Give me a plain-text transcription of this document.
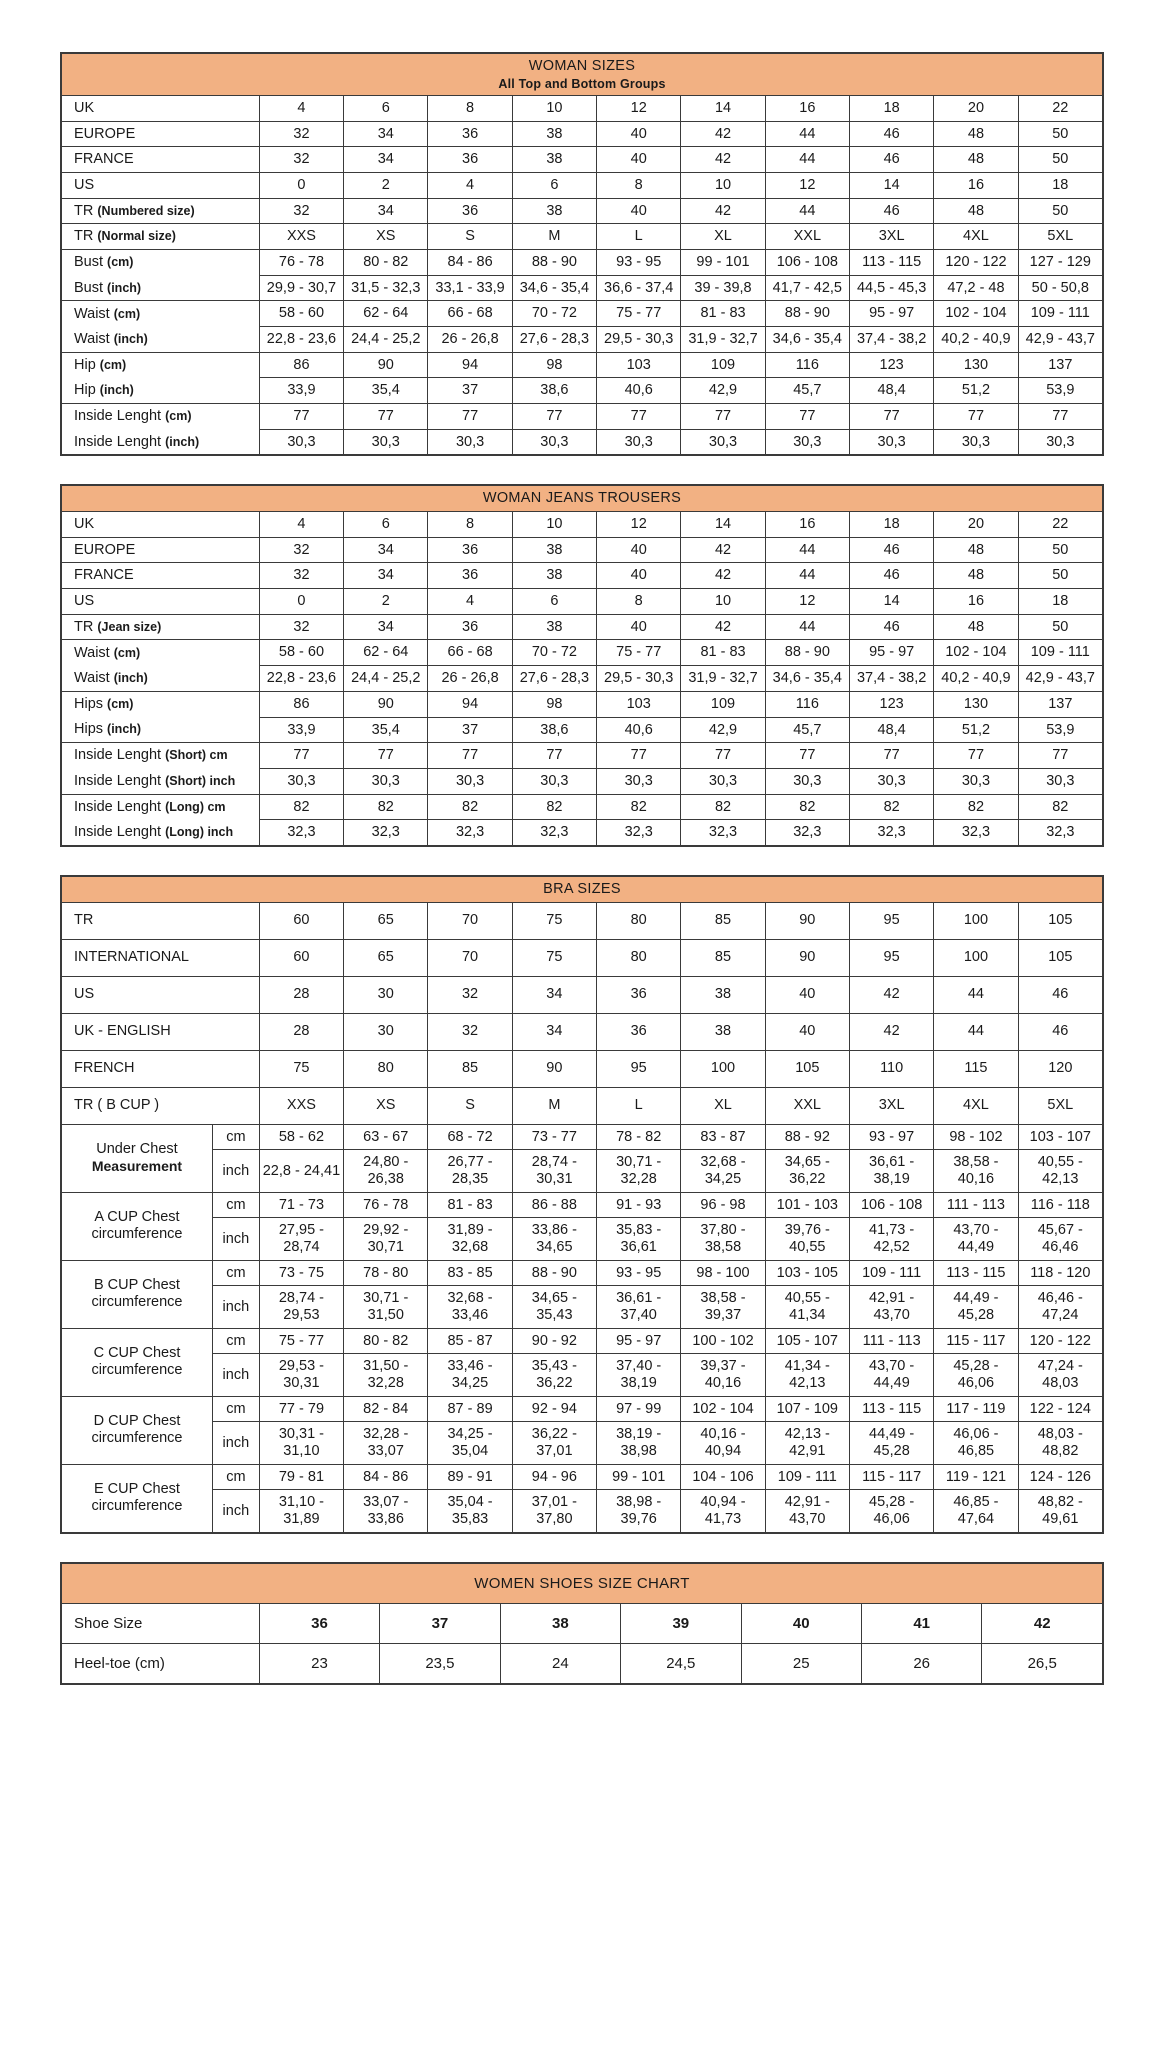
WOMAN SIZES
All Top and Bottom Groups										

UK	4	6	8	10	12	14	16	18	20	22
EUROPE	32	34	36	38	40	42	44	46	48	50
FRANCE	32	34	36	38	40	42	44	46	48	50
US	0	2	4	6	8	10	12	14	16	18
TR (Numbered size)	32	34	36	38	40	42	44	46	48	50
TR (Normal size)	XXS	XS	S	M	L	XL	XXL	3XL	4XL	5XL
Bust (cm)	76 - 78	80 - 82	84 - 86	88 - 90	93 - 95	99 - 101	106 - 108	113 - 115	120 - 122	127 - 129
Bust (inch)	29,9 - 30,7	31,5 - 32,3	33,1 - 33,9	34,6 - 35,4	36,6 - 37,4	39 - 39,8	41,7 - 42,5	44,5 - 45,3	47,2 - 48	50 - 50,8
Waist (cm)	58 - 60	62 - 64	66 - 68	70 - 72	75 - 77	81 - 83	88 - 90	95 - 97	102 - 104	109 - 111
Waist (inch)	22,8 - 23,6	24,4 - 25,2	26 - 26,8	27,6 - 28,3	29,5 - 30,3	31,9 - 32,7	34,6 - 35,4	37,4 - 38,2	40,2 - 40,9	42,9 - 43,7
Hip (cm)	86	90	94	98	103	109	116	123	130	137
Hip (inch)	33,9	35,4	37	38,6	40,6	42,9	45,7	48,4	51,2	53,9
Inside Lenght (cm)	77	77	77	77	77	77	77	77	77	77
Inside Lenght (inch)	30,3	30,3	30,3	30,3	30,3	30,3	30,3	30,3	30,3	30,3
WOMAN JEANS TROUSERS										
UK	4	6	8	10	12	14	16	18	20	22
EUROPE	32	34	36	38	40	42	44	46	48	50
FRANCE	32	34	36	38	40	42	44	46	48	50
US	0	2	4	6	8	10	12	14	16	18
TR (Jean size)	32	34	36	38	40	42	44	46	48	50
Waist (cm)	58 - 60	62 - 64	66 - 68	70 - 72	75 - 77	81 - 83	88 - 90	95 - 97	102 - 104	109 - 111
Waist (inch)	22,8 - 23,6	24,4 - 25,2	26 - 26,8	27,6 - 28,3	29,5 - 30,3	31,9 - 32,7	34,6 - 35,4	37,4 - 38,2	40,2 - 40,9	42,9 - 43,7
Hips (cm)	86	90	94	98	103	109	116	123	130	137
Hips (inch)	33,9	35,4	37	38,6	40,6	42,9	45,7	48,4	51,2	53,9
Inside Lenght (Short) cm	77	77	77	77	77	77	77	77	77	77
Inside Lenght (Short) inch	30,3	30,3	30,3	30,3	30,3	30,3	30,3	30,3	30,3	30,3
Inside Lenght (Long) cm	82	82	82	82	82	82	82	82	82	82
Inside Lenght (Long) inch	32,3	32,3	32,3	32,3	32,3	32,3	32,3	32,3	32,3	32,3
BRA SIZES											
TR		60	65	70	75	80	85	90	95	100	105
INTERNATIONAL		60	65	70	75	80	85	90	95	100	105
US		28	30	32	34	36	38	40	42	44	46
UK - ENGLISH		28	30	32	34	36	38	40	42	44	46
FRENCH		75	80	85	90	95	100	105	110	115	120
TR ( B CUP )		XXS	XS	S	M	L	XL	XXL	3XL	4XL	5XL
Under Chest Measurement	cm	58 - 62	63 - 67	68 - 72	73 - 77	78 - 82	83 - 87	88 - 92	93 - 97	98 - 102	103 - 107
	inch	22,8 - 24,41	24,80 - 26,38	26,77 - 28,35	28,74 - 30,31	30,71 - 32,28	32,68 - 34,25	34,65 - 36,22	36,61 - 38,19	38,58 - 40,16	40,55 - 42,13
A CUP Chest circumference	cm	71 - 73	76 - 78	81 - 83	86 - 88	91 - 93	96 - 98	101 - 103	106 - 108	111 - 113	116 - 118
	inch	27,95 - 28,74	29,92 - 30,71	31,89 - 32,68	33,86 - 34,65	35,83 - 36,61	37,80 - 38,58	39,76 - 40,55	41,73 - 42,52	43,70 - 44,49	45,67 - 46,46
B CUP Chest circumference	cm	73 - 75	78 - 80	83 - 85	88 - 90	93 - 95	98 - 100	103 - 105	109 - 111	113 - 115	118 - 120
	inch	28,74 - 29,53	30,71 - 31,50	32,68 - 33,46	34,65 - 35,43	36,61 - 37,40	38,58 - 39,37	40,55 - 41,34	42,91 - 43,70	44,49 - 45,28	46,46 - 47,24
C CUP Chest circumference	cm	75 - 77	80 - 82	85 - 87	90 - 92	95 - 97	100 - 102	105 - 107	111 - 113	115 - 117	120 - 122
	inch	29,53 - 30,31	31,50 - 32,28	33,46 - 34,25	35,43 - 36,22	37,40 - 38,19	39,37 - 40,16	41,34 - 42,13	43,70 - 44,49	45,28 - 46,06	47,24 - 48,03
D CUP Chest circumference	cm	77 - 79	82 - 84	87 - 89	92 - 94	97 - 99	102 - 104	107 - 109	113 - 115	117 - 119	122 - 124
	inch	30,31 - 31,10	32,28 - 33,07	34,25 - 35,04	36,22 - 37,01	38,19 - 38,98	40,16 - 40,94	42,13 - 42,91	44,49 - 45,28	46,06 - 46,85	48,03 - 48,82
E CUP Chest circumference	cm	79 - 81	84 - 86	89 - 91	94 - 96	99 - 101	104 - 106	109 - 111	115 - 117	119 - 121	124 - 126
	inch	31,10 - 31,89	33,07 - 33,86	35,04 - 35,83	37,01 - 37,80	38,98 - 39,76	40,94 - 41,73	42,91 - 43,70	45,28 - 46,06	46,85 - 47,64	48,82 - 49,61
WOMEN SHOES SIZE CHART							
Shoe Size	36	37	38	39	40	41	42
Heel-toe (cm)	23	23,5	24	24,5	25	26	26,5
